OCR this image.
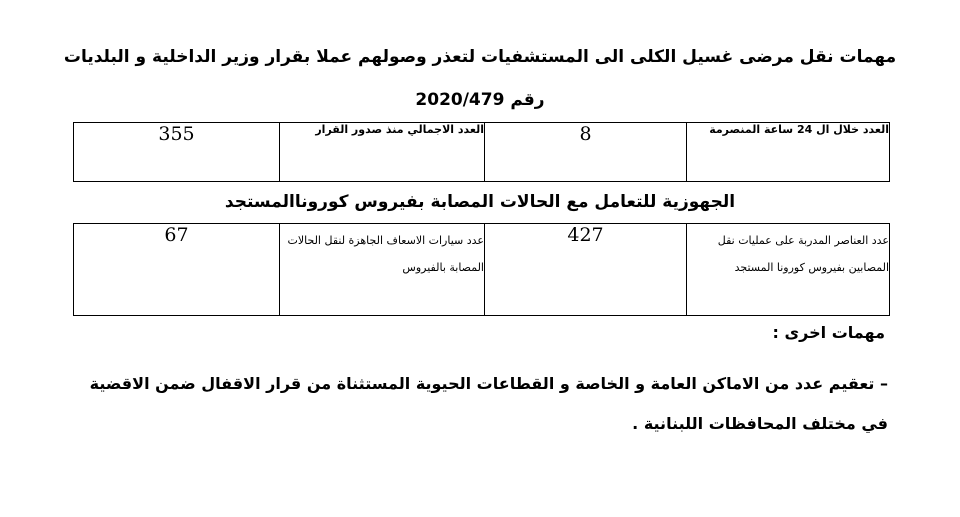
مهمات نقل مرضى غسيل الكلى الى المستشفيات لتعذر وصولهم عملا بقرار وزير الداخلية و البلديات
رقم 2020/479
العدد خلال ال 24 ساعة المنصرمة	8	العدد الاجمالي منذ صدور القرار	355
الجهوزية للتعامل مع الحالات المصابة بفيروس كوروناالمستجد
عدد العناصر المدربة على عمليات نقل المصابين بفيروس كورونا المستجد	427	عدد سيارات الاسعاف الجاهزة لنقل الحالات المصابة بالفيروس	67
مهمات اخرى :
– تعقيم عدد من الاماكن العامة و الخاصة و القطاعات الحيوية المستثناة من قرار الاقفال ضمن الاقضية في مختلف المحافظات اللبنانية .
